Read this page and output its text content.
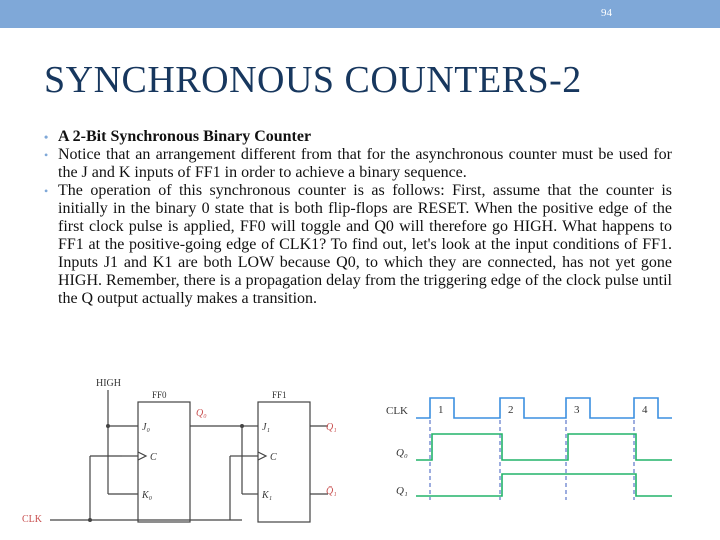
94
SYNCHRONOUS COUNTERS-2
• A 2-Bit Synchronous Binary Counter
• Notice that an arrangement different from that for the asynchronous counter must be used for the J and K inputs of FF1 in order to achieve a binary sequence.
• The operation of this synchronous counter is as follows: First, assume that the counter is initially in the binary 0 state that is both flip-flops are RESET. When the positive edge of the first clock pulse is applied, FF0 will toggle and Q0 will therefore go HIGH. What happens to FF1 at the positive-going edge of CLK1? To find out, let's look at the input conditions of FF1. Inputs J1 and K1 are both LOW because Q0, to which they are connected, has not yet gone HIGH. Remember, there is a propagation delay from the triggering edge of the clock pulse until the Q output actually makes a transition.
HIGH
FF0	FF1
Q₀
J₀
C
K₀
J₁
C
K₁
Q₁
Q̄₁
CLK
CLK
Q₀
Q₁
1	2	3	4
